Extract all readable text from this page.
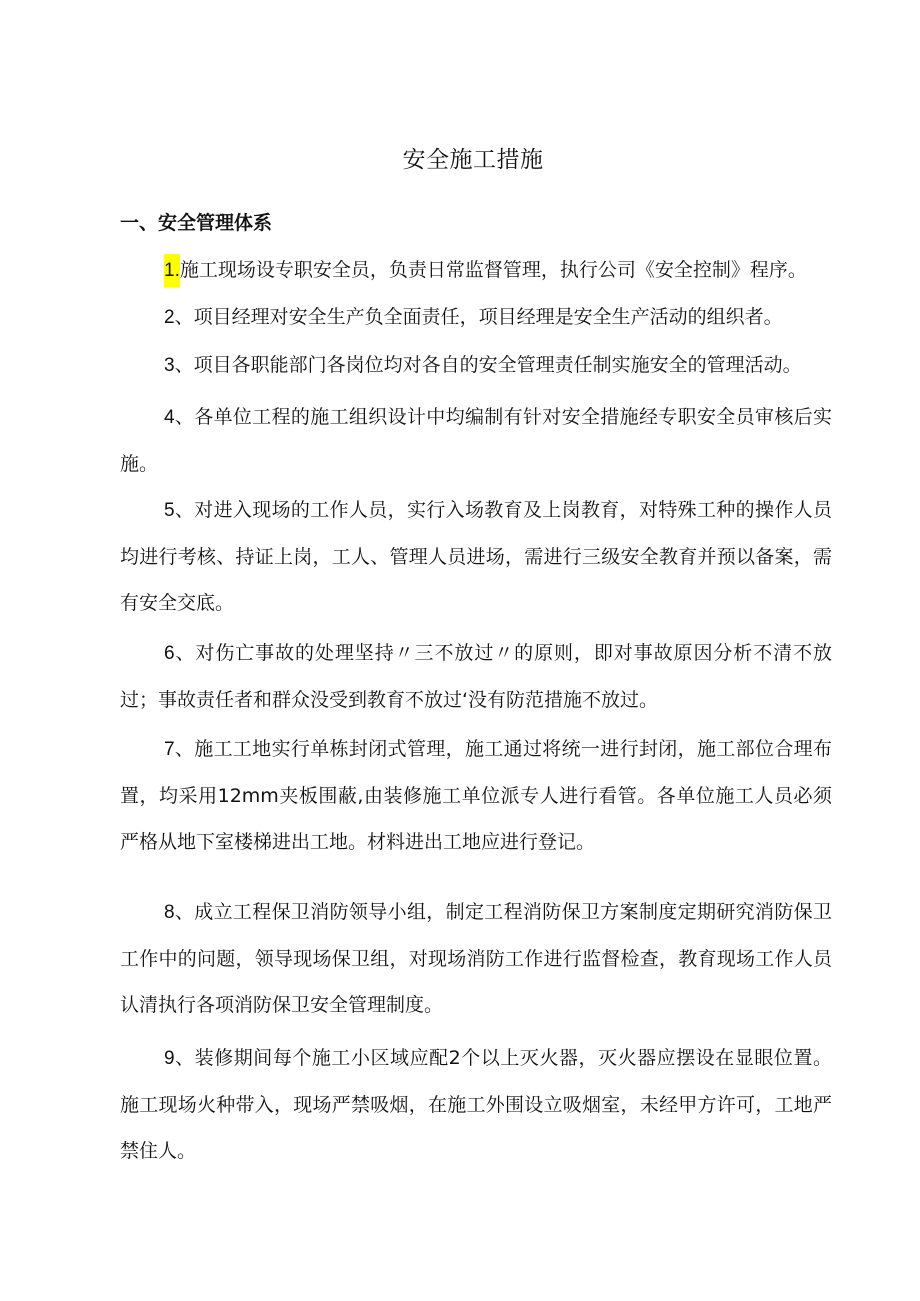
安全施工措施
一、安全管理体系

1.施工现场设专职安全员，负责日常监督管理，执行公司《安全控制》程序。

2、项目经理对安全生产负全面责任，项目经理是安全生产活动的组织者。

3、项目各职能部门各岗位均对各自的安全管理责任制实施安全的管理活动。

4、各单位工程的施工组织设计中均编制有针对安全措施经专职安全员审核后实施。

5、对进入现场的工作人员，实行入场教育及上岗教育，对特殊工种的操作人员均进行考核、持证上岗，工人、管理人员进场，需进行三级安全教育并预以备案，需有安全交底。

6、对伤亡事故的处理坚持〃三不放过〃的原则，即对事故原因分析不清不放过；事故责任者和群众没受到教育不放过‘没有防范措施不放过。

7、施工工地实行单栋封闭式管理，施工通过将统一进行封闭，施工部位合理布置，均采用12mm夹板围蔽,由装修施工单位派专人进行看管。各单位施工人员必须严格从地下室楼梯进出工地。材料进出工地应进行登记。

8、成立工程保卫消防领导小组，制定工程消防保卫方案制度定期研究消防保卫工作中的问题，领导现场保卫组，对现场消防工作进行监督检查，教育现场工作人员认清执行各项消防保卫安全管理制度。

9、装修期间每个施工小区域应配2个以上灭火器，灭火器应摆设在显眼位置。施工现场火种带入，现场严禁吸烟，在施工外围设立吸烟室，未经甲方许可，工地严禁住人。
